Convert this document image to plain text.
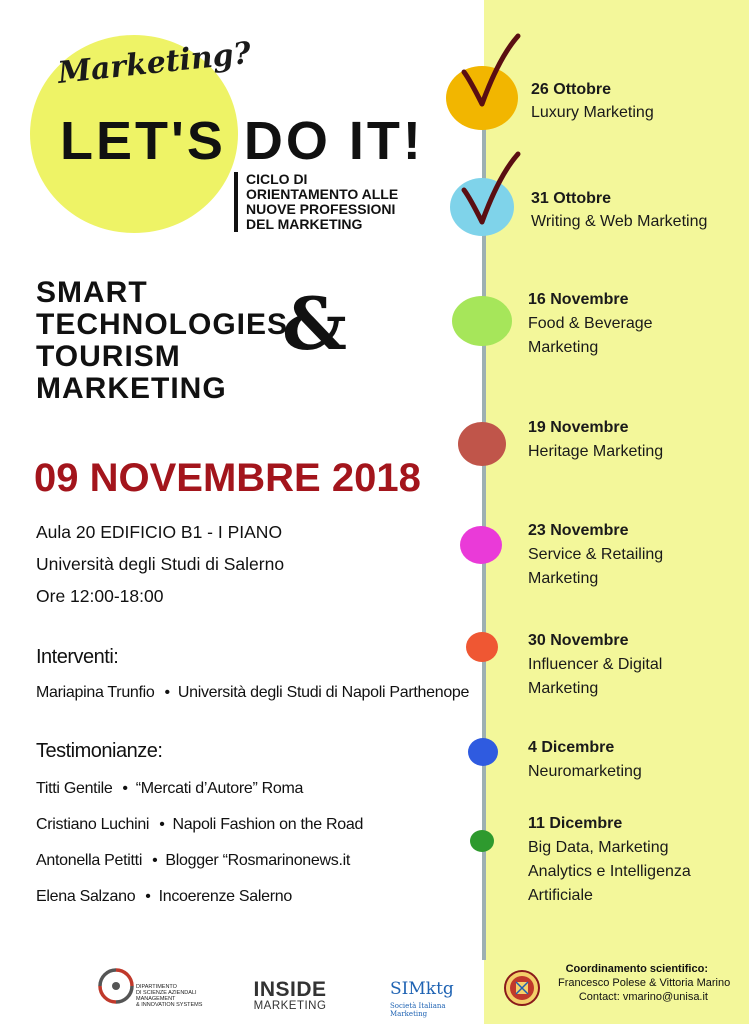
Marketing?
LET'S DO IT!
CICLO DI
ORIENTAMENTO ALLE
NUOVE PROFESSIONI
DEL MARKETING
SMART
TECHNOLOGIES
TOURISM
MARKETING
&
09 NOVEMBRE 2018
Aula 20 EDIFICIO B1 - I PIANO
Università degli Studi di Salerno
Ore 12:00-18:00
Interventi:
Mariapina Trunfio • Università degli Studi di Napoli Parthenope
Testimonianze:
Titti Gentile • “Mercati d’Autore” Roma
Cristiano Luchini • Napoli Fashion on the Road
Antonella Petitti • Blogger “Rosmarinonews.it
Elena Salzano • Incoerenze Salerno
26 Ottobre
Luxury Marketing
31 Ottobre
Writing & Web Marketing
16 Novembre
Food & Beverage
Marketing
19 Novembre
Heritage Marketing
23 Novembre
Service & Retailing
Marketing
30 Novembre
Influencer & Digital
Marketing
4 Dicembre
Neuromarketing
11 Dicembre
Big Data, Marketing
Analytics e Intelligenza
Artificiale
DIPARTIMENTO
DI SCIENZE AZIENDALI
MANAGEMENT
& INNOVATION SYSTEMS
INSIDE
MARKETING
SIMktg
Società Italiana
Marketing
Coordinamento scientifico:
Francesco Polese & Vittoria Marino
Contact: vmarino@unisa.it
